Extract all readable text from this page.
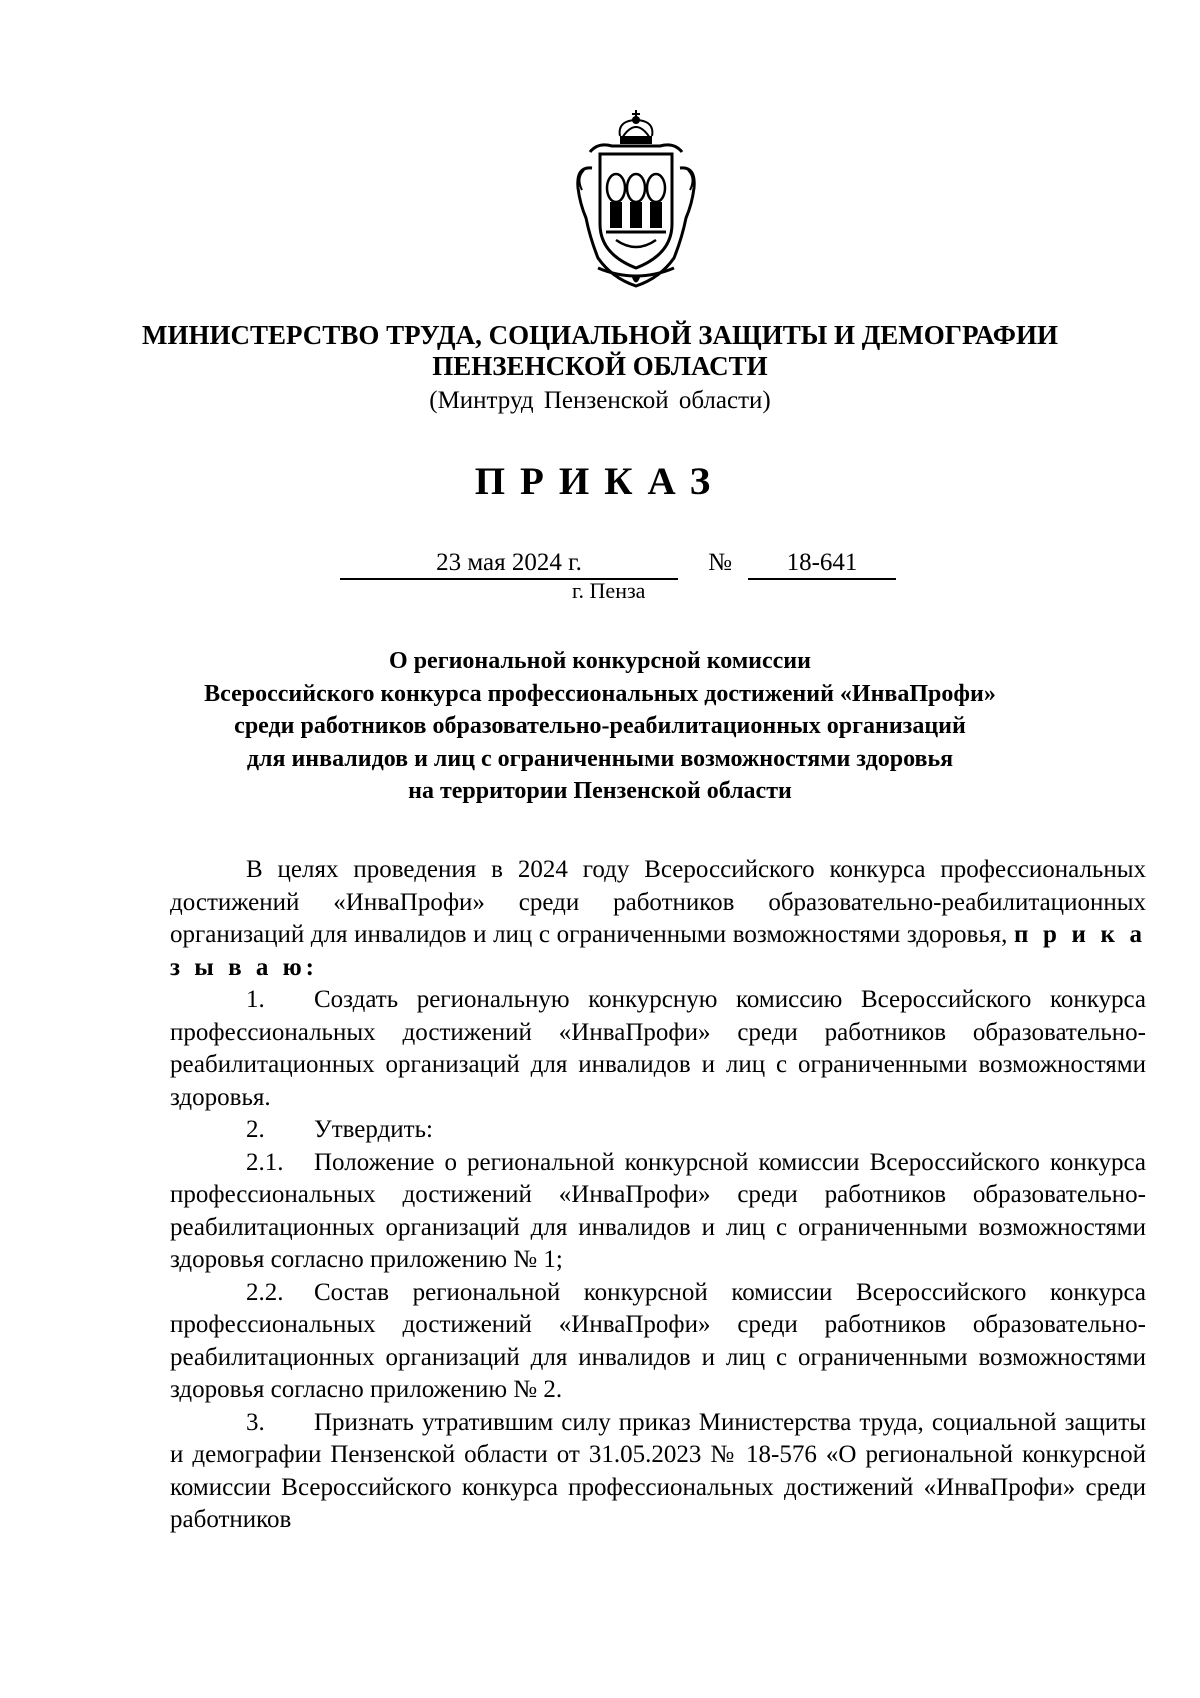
МИНИСТЕРСТВО ТРУДА, СОЦИАЛЬНОЙ ЗАЩИТЫ И ДЕМОГРАФИИ
ПЕНЗЕНСКОЙ ОБЛАСТИ
(Минтруд Пензенской области)
ПРИКАЗ
23 мая 2024 г.	№	18-641
г. Пенза
О региональной конкурсной комиссии
Всероссийского конкурса профессиональных достижений «ИнваПрофи»
среди работников образовательно-реабилитационных организаций
для инвалидов и лиц с ограниченными возможностями здоровья
на территории Пензенской области

В целях проведения в 2024 году Всероссийского конкурса профессиональных достижений «ИнваПрофи» среди работников образовательно-реабилитационных организаций для инвалидов и лиц с ограниченными возможностями здоровья, п р и к а з ы в а ю:

1. Создать региональную конкурсную комиссию Всероссийского конкурса профессиональных достижений «ИнваПрофи» среди работников образовательно-реабилитационных организаций для инвалидов и лиц с ограниченными возможностями здоровья.

2. Утвердить:

2.1. Положение о региональной конкурсной комиссии Всероссийского конкурса профессиональных достижений «ИнваПрофи» среди работников образовательно-реабилитационных организаций для инвалидов и лиц с ограниченными возможностями здоровья согласно приложению № 1;

2.2. Состав региональной конкурсной комиссии Всероссийского конкурса профессиональных достижений «ИнваПрофи» среди работников образовательно-реабилитационных организаций для инвалидов и лиц с ограниченными возможностями здоровья согласно приложению № 2.

3. Признать утратившим силу приказ Министерства труда, социальной защиты и демографии Пензенской области от 31.05.2023 № 18-576 «О региональной конкурсной комиссии Всероссийского конкурса профессиональных достижений «ИнваПрофи» среди работников
